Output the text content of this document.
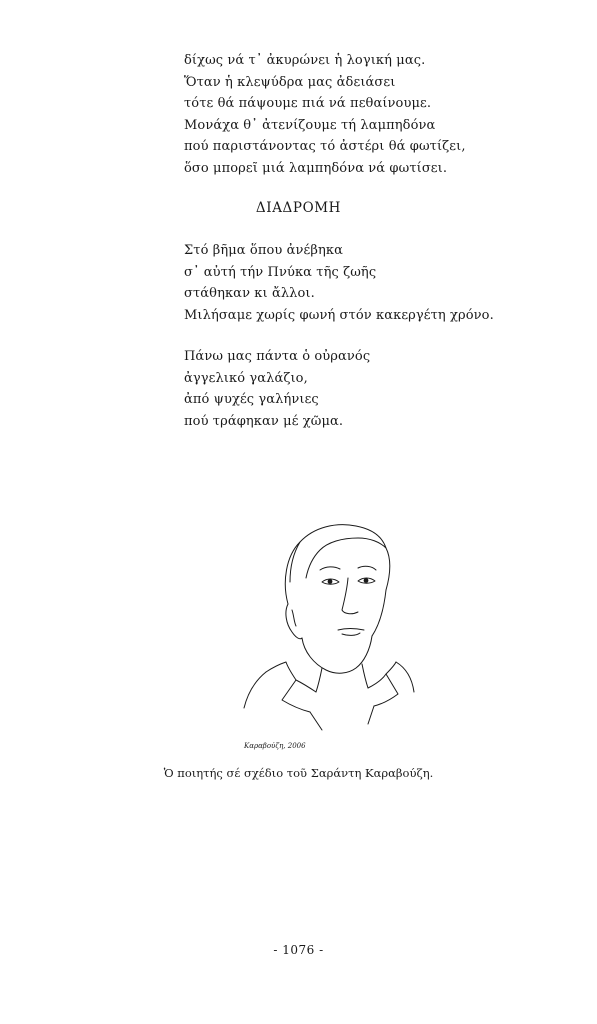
δίχως νά τ᾽ ἀκυρώνει ἡ λογική μας.
Ὅταν ἡ κλεψύδρα μας ἀδειάσει
τότε θά πάψουμε πιά νά πεθαίνουμε.
Μονάχα θ᾽ ἀτενίζουμε τή λαμπηδόνα
πού παριστάνοντας τό ἀστέρι θά φωτίζει,
ὅσο μπορεῖ μιά λαμπηδόνα νά φωτίσει.
ΔΙΑΔΡΟΜΗ
Στό βῆμα ὅπου ἀνέβηκα
σ᾽ αὐτή τήν Πνύκα τῆς ζωῆς
στάθηκαν κι ἄλλοι.
Μιλήσαμε χωρίς φωνή στόν κακεργέτη χρόνο.
Πάνω μας πάντα ὁ οὐρανός
ἀγγελικό γαλάζιο,
ἀπό ψυχές γαλήνιες
πού τράφηκαν μέ χῶμα.
Καραβούζη, 2006

Ὁ ποιητής σέ σχέδιο τοῦ Σαράντη Καραβούζη.

- 1076 -
